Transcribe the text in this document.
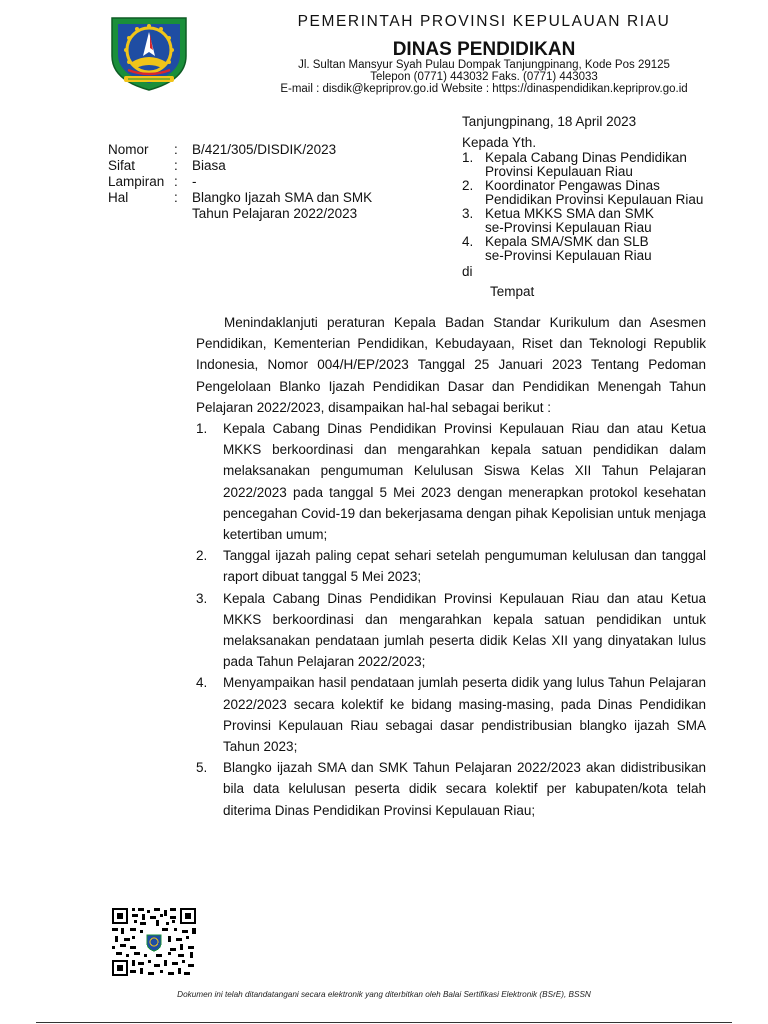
PEMERINTAH PROVINSI KEPULAUAN RIAU
DINAS PENDIDIKAN
Jl. Sultan Mansyur Syah Pulau Dompak Tanjungpinang, Kode Pos 29125
Telepon (0771) 443032 Faks. (0771) 443033
E-mail : disdik@kepriprov.go.id Website : https://dinaspendidikan.kepriprov.go.id
Nomor	:	B/421/305/DISDIK/2023
Sifat	:	Biasa
Lampiran :	-
Hal	:	Blangko Ijazah SMA dan SMK
Tahun Pelajaran 2022/2023
Tanjungpinang, 18 April 2023
Kepada Yth.
1. Kepala Cabang Dinas Pendidikan
Provinsi Kepulauan Riau
2. Koordinator Pengawas Dinas
Pendidikan Provinsi Kepulauan Riau
3. Ketua MKKS SMA dan SMK
se-Provinsi Kepulauan Riau
4. Kepala SMA/SMK dan SLB
se-Provinsi Kepulauan Riau
di
Tempat

Menindaklanjuti peraturan Kepala Badan Standar Kurikulum dan Asesmen Pendidikan, Kementerian Pendidikan, Kebudayaan, Riset dan Teknologi Republik Indonesia, Nomor 004/H/EP/2023 Tanggal 25 Januari 2023 Tentang Pedoman Pengelolaan Blanko Ijazah Pendidikan Dasar dan Pendidikan Menengah Tahun Pelajaran 2022/2023, disampaikan hal-hal sebagai berikut :

1.	Kepala Cabang Dinas Pendidikan Provinsi Kepulauan Riau dan atau Ketua MKKS berkoordinasi dan mengarahkan kepala satuan pendidikan dalam melaksanakan pengumuman Kelulusan Siswa Kelas XII Tahun Pelajaran 2022/2023 pada tanggal 5 Mei 2023 dengan menerapkan protokol kesehatan pencegahan Covid-19 dan bekerjasama dengan pihak Kepolisian untuk menjaga ketertiban umum;
2.	Tanggal ijazah paling cepat sehari setelah pengumuman kelulusan dan tanggal raport dibuat tanggal 5 Mei 2023;
3.	Kepala Cabang Dinas Pendidikan Provinsi Kepulauan Riau dan atau Ketua MKKS berkoordinasi dan mengarahkan kepala satuan pendidikan untuk melaksanakan pendataan jumlah peserta didik Kelas XII yang dinyatakan lulus pada Tahun Pelajaran 2022/2023;
4.	Menyampaikan hasil pendataan jumlah peserta didik yang lulus Tahun Pelajaran 2022/2023 secara kolektif ke bidang masing-masing, pada Dinas Pendidikan Provinsi Kepulauan Riau sebagai dasar pendistribusian blangko ijazah SMA Tahun 2023;
5.	Blangko ijazah SMA dan SMK Tahun Pelajaran 2022/2023 akan didistribusikan bila data kelulusan peserta didik secara kolektif per kabupaten/kota telah diterima Dinas Pendidikan Provinsi Kepulauan Riau;
Dokumen ini telah ditandatangani secara elektronik yang diterbitkan oleh Balai Sertifikasi Elektronik (BSrE), BSSN
